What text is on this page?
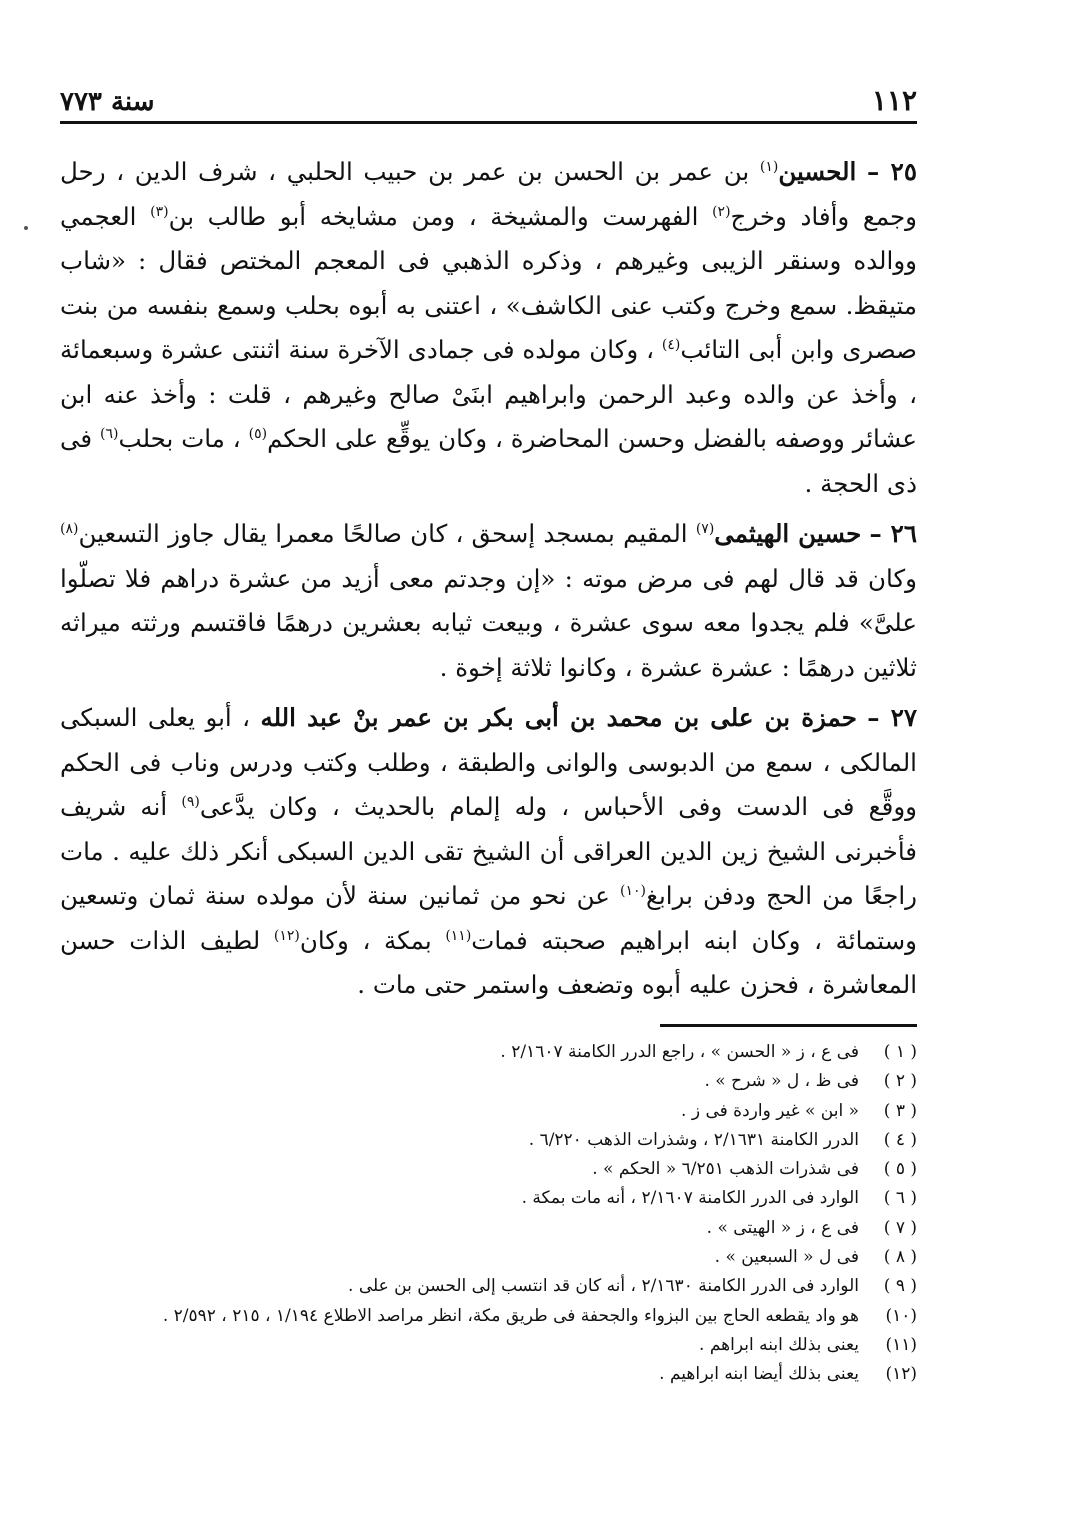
١١٢
سنة ٧٧٣

٢٥ – الحسين$^{(١)}$ بن عمر بن الحسن بن عمر بن حبيب الحلبي ، شرف الدين ، رحل وجمع وأفاد وخرج$^{(٢)}$ الفهرست والمشيخة ، ومن مشايخه أبو طالب بن$^{(٣)}$ العجمي ووالده وسنقر الزيبى وغيرهم ، وذكره الذهبي فى المعجم المختص فقال : «شاب متيقظ. سمع وخرج وكتب عنى الكاشف» ، اعتنى به أبوه بحلب وسمع بنفسه من بنت صصرى وابن أبى التائب$^{(٤)}$ ، وكان مولده فى جمادى الآخرة سنة اثنتى عشرة وسبعمائة ، وأخذ عن والده وعبد الرحمن وابراهيم ابنَىْ صالح وغيرهم ، قلت : وأخذ عنه ابن عشائر ووصفه بالفضل وحسن المحاضرة ، وكان يوقِّع على الحكم$^{(٥)}$ ، مات بحلب$^{(٦)}$ فى ذى الحجة .

٢٦ – حسين الهيثمى$^{(٧)}$ المقيم بمسجد إسحق ، كان صالحًا معمرا يقال جاوز التسعين$^{(٨)}$ وكان قد قال لهم فى مرض موته : «إن وجدتم معى أزيد من عشرة دراهم فلا تصلّوا علىَّ» فلم يجدوا معه سوى عشرة ، وبيعت ثيابه بعشرين درهمًا فاقتسم ورثته ميراثه ثلاثين درهمًا : عشرة عشرة ، وكانوا ثلاثة إخوة .

٢٧ – حمزة بن على بن محمد بن أبى بكر بن عمر بنْ عبد الله ، أبو يعلى السبكى المالكى ، سمع من الدبوسى والوانى والطبقة ، وطلب وكتب ودرس وناب فى الحكم ووقَّع فى الدست وفى الأحباس ، وله إلمام بالحديث ، وكان يدَّعى$^{(٩)}$ أنه شريف فأخبرنى الشيخ زين الدين العراقى أن الشيخ تقى الدين السبكى أنكر ذلك عليه . مات راجعًا من الحج ودفن برابغ$^{(١٠)}$ عن نحو من ثمانين سنة لأن مولده سنة ثمان وتسعين وستمائة ، وكان ابنه ابراهيم صحبته فمات$^{(١١)}$ بمكة ، وكان$^{(١٢)}$ لطيف الذات حسن المعاشرة ، فحزن عليه أبوه وتضعف واستمر حتى مات .

( ١ )
فى ع ، ز « الحسن » ، راجع الدرر الكامنة ٢/١٦٠٧ .
( ٢ )
فى ظ ، ل « شرح » .
( ٣ )
« ابن » غير واردة فى ز .
( ٤ )
الدرر الكامنة ٢/١٦٣١ ، وشذرات الذهب ٦/٢٢٠ .
( ٥ )
فى شذرات الذهب ٦/٢٥١ « الحكم » .
( ٦ )
الوارد فى الدرر الكامنة ٢/١٦٠٧ ، أنه مات بمكة .
( ٧ )
فى ع ، ز « الهيتى » .
( ٨ )
فى ل « السبعين » .
( ٩ )
الوارد فى الدرر الكامنة ٢/١٦٣٠ ، أنه كان قد انتسب إلى الحسن بن على .
(١٠)
هو واد يقطعه الحاج بين البزواء والجحفة فى طريق مكة، انظر مراصد الاطلاع ١/١٩٤ ، ٢١٥ ، ٢/٥٩٢ .
(١١)
يعنى بذلك ابنه ابراهم .
(١٢)
يعنى بذلك أيضا ابنه ابراهيم .
